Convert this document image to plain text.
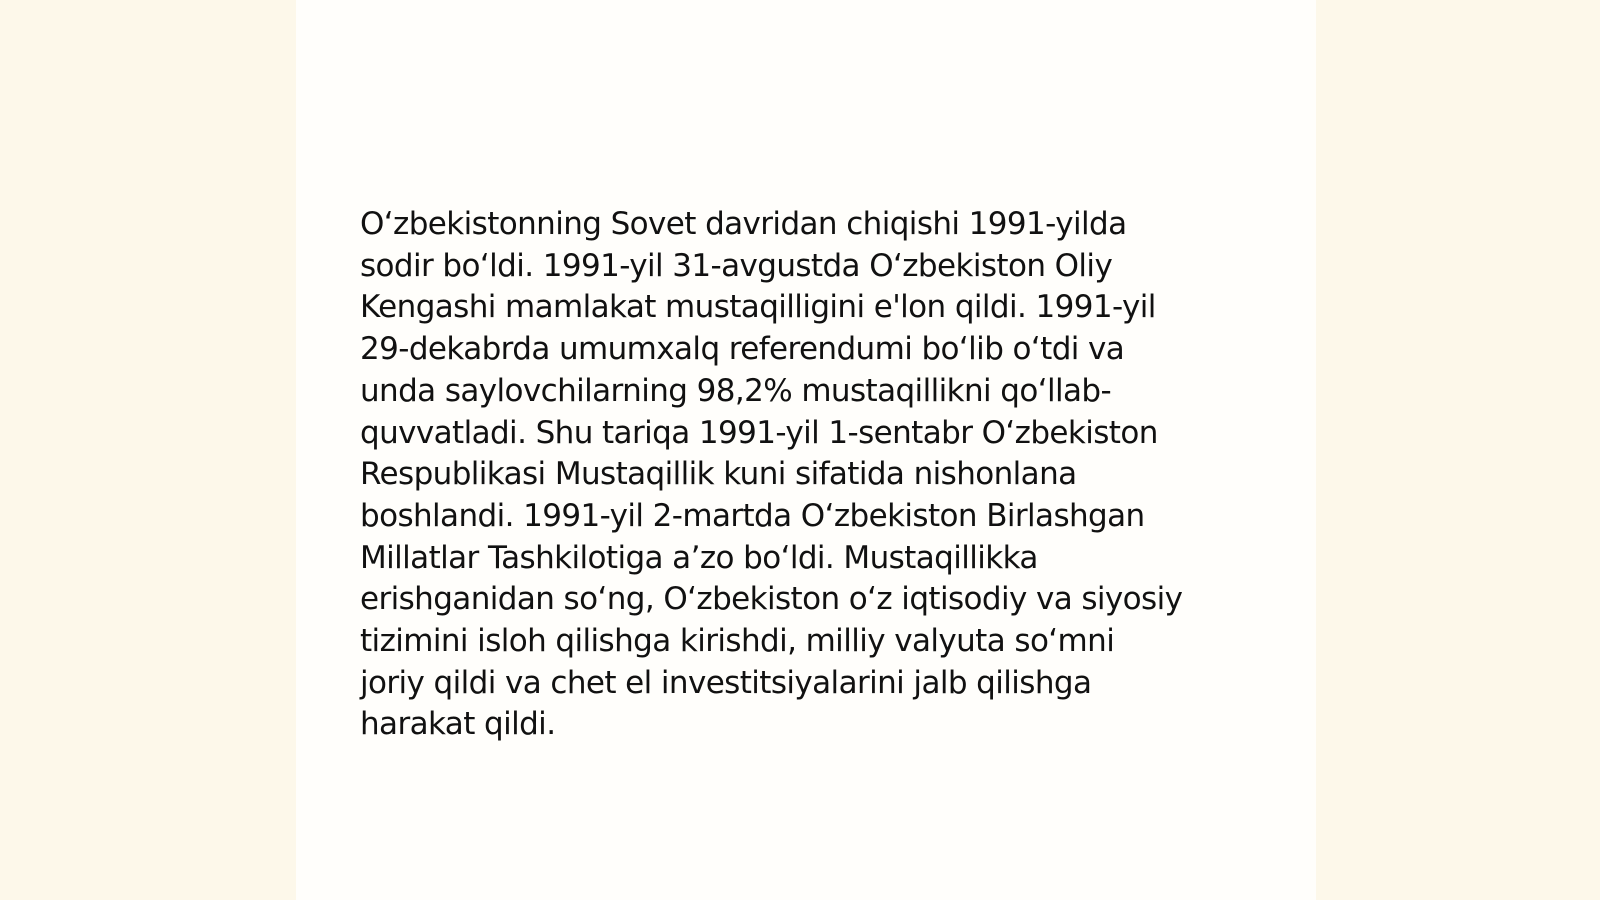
O‘zbekistonning Sovet davridan chiqishi 1991-yilda
sodir bo‘ldi. 1991-yil 31-avgustda O‘zbekiston Oliy
Kengashi mamlakat mustaqilligini e'lon qildi. 1991-yil
29-dekabrda umumxalq referendumi bo‘lib o‘tdi va
unda saylovchilarning 98,2% mustaqillikni qo‘llab-
quvvatladi. Shu tariqa 1991-yil 1-sentabr O‘zbekiston
Respublikasi Mustaqillik kuni sifatida nishonlana
boshlandi. 1991-yil 2-martda O‘zbekiston Birlashgan
Millatlar Tashkilotiga a’zo bo‘ldi. Mustaqillikka
erishganidan so‘ng, O‘zbekiston o‘z iqtisodiy va siyosiy
tizimini isloh qilishga kirishdi, milliy valyuta so‘mni
joriy qildi va chet el investitsiyalarini jalb qilishga
harakat qildi.
